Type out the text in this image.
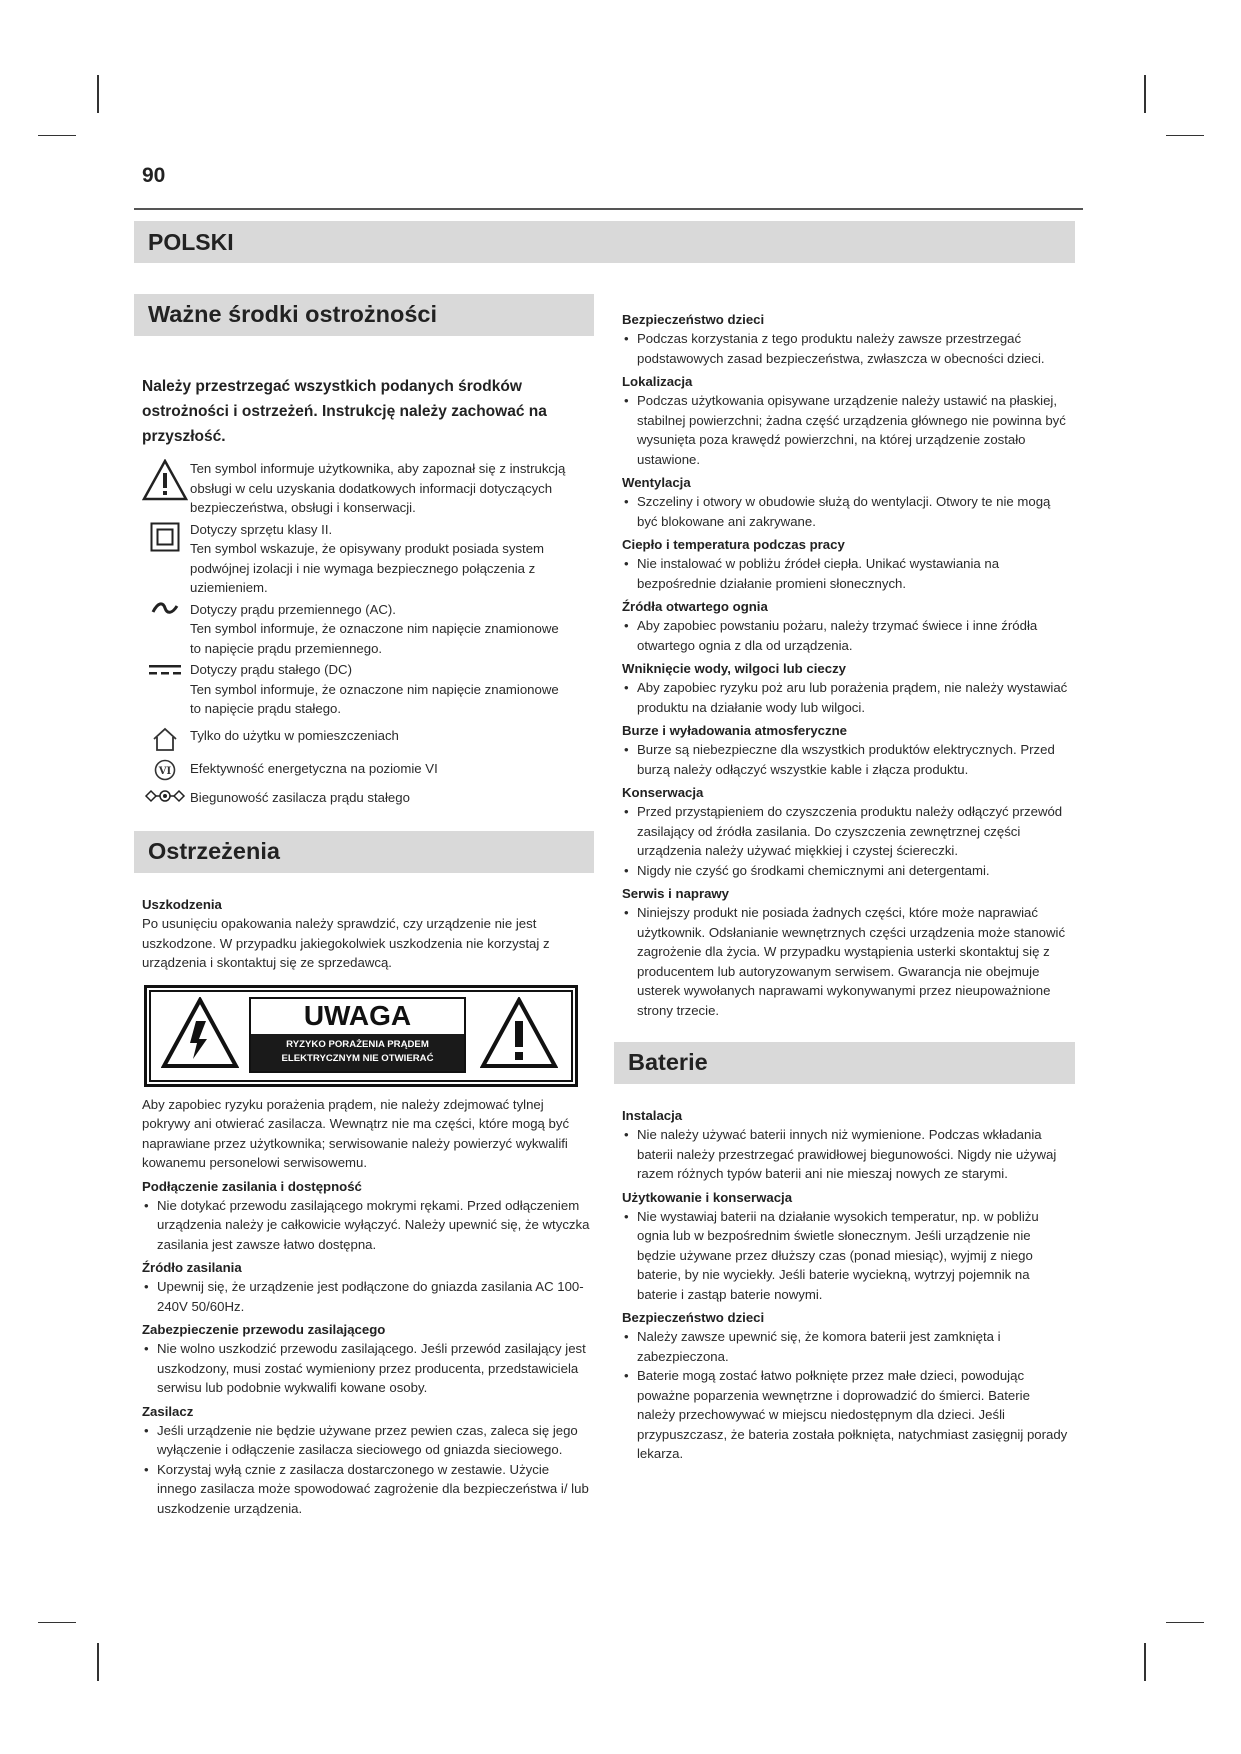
90
POLSKI
Ważne środki ostrożności
Należy przestrzegać wszystkich podanych środków ostrożności i ostrzeżeń. Instrukcję należy zachować na przyszłość.
Ten symbol informuje użytkownika, aby zapoznał się z instrukcją
obsługi w celu uzyskania dodatkowych informacji dotyczących
bezpieczeństwa, obsługi i konserwacji.
Dotyczy sprzętu klasy II.
Ten symbol wskazuje, że opisywany produkt posiada system
podwójnej izolacji i nie wymaga bezpiecznego połączenia z
uziemieniem.
Dotyczy prądu przemiennego (AC).
Ten symbol informuje, że oznaczone nim napięcie znamionowe
to napięcie prądu przemiennego.
Dotyczy prądu stałego (DC)
Ten symbol informuje, że oznaczone nim napięcie znamionowe
to napięcie prądu stałego.
Tylko do użytku w pomieszczeniach
VI Efektywność energetyczna na poziomie VI
Biegunowość zasilacza prądu stałego
Ostrzeżenia
Uszkodzenia
Po usunięciu opakowania należy sprawdzić, czy urządzenie nie jest uszkodzone. W przypadku jakiegokolwiek uszkodzenia nie korzystaj z urządzenia i skontaktuj się ze sprzedawcą.
UWAGA
RYZYKO PORAŻENIA PRĄDEM
ELEKTRYCZNYM NIE OTWIERAĆ
Aby zapobiec ryzyku porażenia prądem, nie należy zdejmować tylnej pokrywy ani otwierać zasilacza. Wewnątrz nie ma części, które mogą być naprawiane przez użytkownika; serwisowanie należy powierzyć wykwalifi kowanemu personelowi serwisowemu.
Podłączenie zasilania i dostępność
• Nie dotykać przewodu zasilającego mokrymi rękami. Przed odłączeniem urządzenia należy je całkowicie wyłączyć. Należy upewnić się, że wtyczka zasilania jest zawsze łatwo dostępna.
Źródło zasilania
• Upewnij się, że urządzenie jest podłączone do gniazda zasilania AC 100-240V 50/60Hz.
Zabezpieczenie przewodu zasilającego
• Nie wolno uszkodzić przewodu zasilającego. Jeśli przewód zasilający jest uszkodzony, musi zostać wymieniony przez producenta, przedstawiciela serwisu lub podobnie wykwalifi kowane osoby.
Zasilacz
• Jeśli urządzenie nie będzie używane przez pewien czas, zaleca się jego wyłączenie i odłączenie zasilacza sieciowego od gniazda sieciowego.
• Korzystaj wyłą cznie z zasilacza dostarczonego w zestawie. Użycie innego zasilacza może spowodować zagrożenie dla bezpieczeństwa i/ lub uszkodzenie urządzenia.
Bezpieczeństwo dzieci
• Podczas korzystania z tego produktu należy zawsze przestrzegać podstawowych zasad bezpieczeństwa, zwłaszcza w obecności dzieci.
Lokalizacja
• Podczas użytkowania opisywane urządzenie należy ustawić na płaskiej, stabilnej powierzchni; żadna część urządzenia głównego nie powinna być wysunięta poza krawędź powierzchni, na której urządzenie zostało ustawione.
Wentylacja
• Szczeliny i otwory w obudowie służą do wentylacji. Otwory te nie mogą być blokowane ani zakrywane.
Ciepło i temperatura podczas pracy
• Nie instalować w pobliżu źródeł ciepła. Unikać wystawiania na bezpośrednie działanie promieni słonecznych.
Źródła otwartego ognia
• Aby zapobiec powstaniu pożaru, należy trzymać świece i inne źródła otwartego ognia z dla od urządzenia.
Wniknięcie wody, wilgoci lub cieczy
• Aby zapobiec ryzyku poż aru lub porażenia prądem, nie należy wystawiać produktu na działanie wody lub wilgoci.
Burze i wyładowania atmosferyczne
• Burze są niebezpieczne dla wszystkich produktów elektrycznych. Przed burzą należy odłączyć wszystkie kable i złącza produktu.
Konserwacja
• Przed przystąpieniem do czyszczenia produktu należy odłączyć przewód zasilający od źródła zasilania. Do czyszczenia zewnętrznej części urządzenia należy używać miękkiej i czystej ściereczki.
• Nigdy nie czyść go środkami chemicznymi ani detergentami.
Serwis i naprawy
• Niniejszy produkt nie posiada żadnych części, które może naprawiać użytkownik. Odsłanianie wewnętrznych części urządzenia może stanowić zagrożenie dla życia. W przypadku wystąpienia usterki skontaktuj się z producentem lub autoryzowanym serwisem. Gwarancja nie obejmuje usterek wywołanych naprawami wykonywanymi przez nieupoważnione strony trzecie.
Baterie
Instalacja
• Nie należy używać baterii innych niż wymienione. Podczas wkładania baterii należy przestrzegać prawidłowej biegunowości. Nigdy nie używaj razem różnych typów baterii ani nie mieszaj nowych ze starymi.
Użytkowanie i konserwacja
• Nie wystawiaj baterii na działanie wysokich temperatur, np. w pobliżu ognia lub w bezpośrednim świetle słonecznym. Jeśli urządzenie nie będzie używane przez dłuższy czas (ponad miesiąc), wyjmij z niego baterie, by nie wyciekły. Jeśli baterie wyciekną, wytrzyj pojemnik na baterie i zastąp baterie nowymi.
Bezpieczeństwo dzieci
• Należy zawsze upewnić się, że komora baterii jest zamknięta i zabezpieczona.
• Baterie mogą zostać łatwo połknięte przez małe dzieci, powodując poważne poparzenia wewnętrzne i doprowadzić do śmierci. Baterie należy przechowywać w miejscu niedostępnym dla dzieci. Jeśli przypuszczasz, że bateria została połknięta, natychmiast zasięgnij porady lekarza.
